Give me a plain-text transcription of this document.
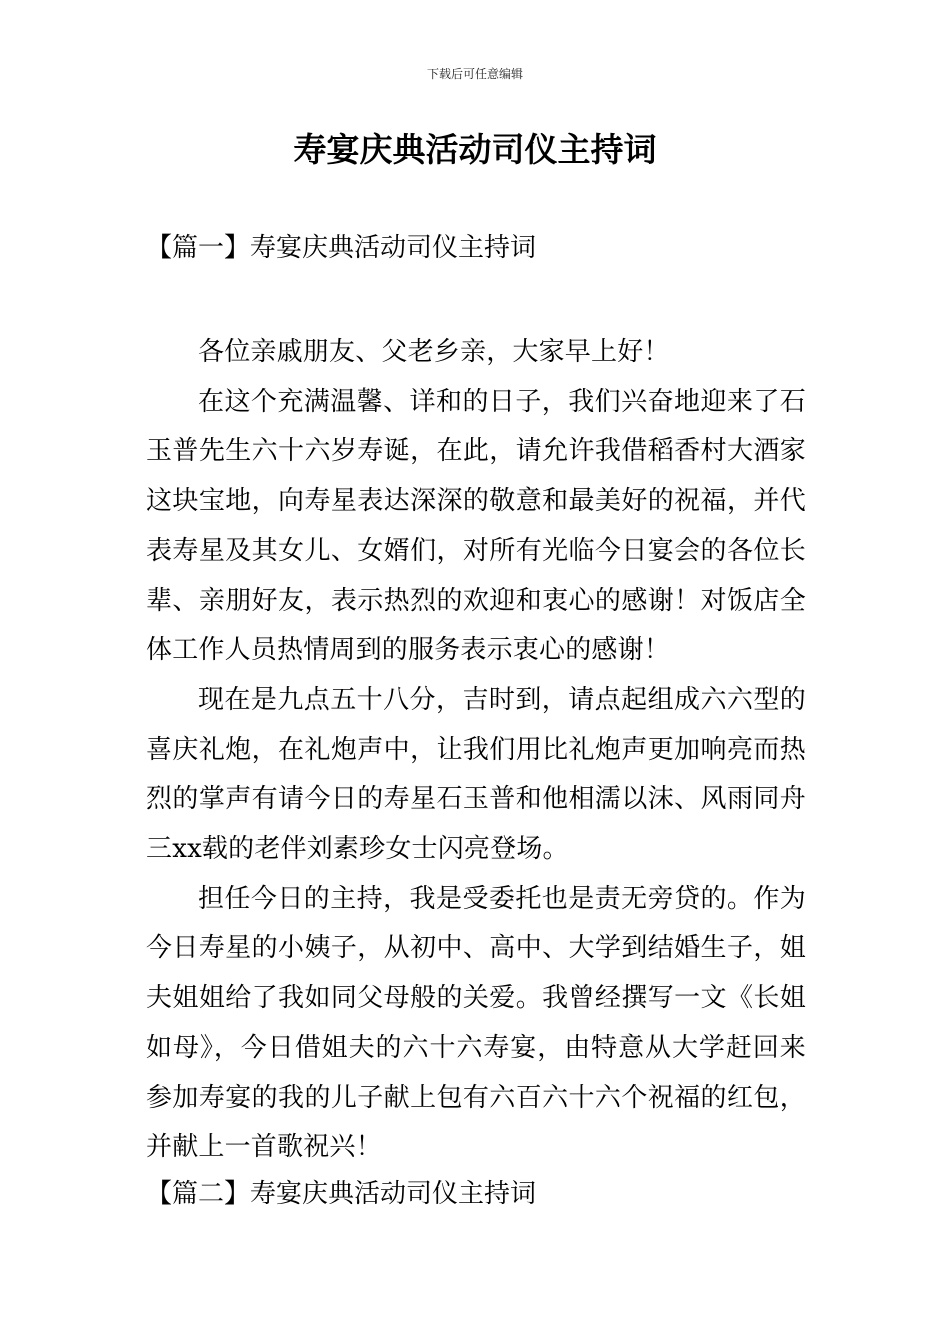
下载后可任意编辑
寿宴庆典活动司仪主持词
【篇一】寿宴庆典活动司仪主持词

各位亲戚朋友、父老乡亲，大家早上好！

在这个充满温馨、详和的日子，我们兴奋地迎来了石玉普先生六十六岁寿诞，在此，请允许我借稻香村大酒家这块宝地，向寿星表达深深的敬意和最美好的祝福，并代表寿星及其女儿、女婿们，对所有光临今日宴会的各位长辈、亲朋好友，表示热烈的欢迎和衷心的感谢！对饭店全体工作人员热情周到的服务表示衷心的感谢！

现在是九点五十八分，吉时到，请点起组成六六型的喜庆礼炮，在礼炮声中，让我们用比礼炮声更加响亮而热烈的掌声有请今日的寿星石玉普和他相濡以沫、风雨同舟三xx载的老伴刘素珍女士闪亮登场。

担任今日的主持，我是受委托也是责无旁贷的。作为今日寿星的小姨子，从初中、高中、大学到结婚生子，姐夫姐姐给了我如同父母般的关爱。我曾经撰写一文《长姐如母》，今日借姐夫的六十六寿宴，由特意从大学赶回来参加寿宴的我的儿子献上包有六百六十六个祝福的红包，并献上一首歌祝兴！

【篇二】寿宴庆典活动司仪主持词
